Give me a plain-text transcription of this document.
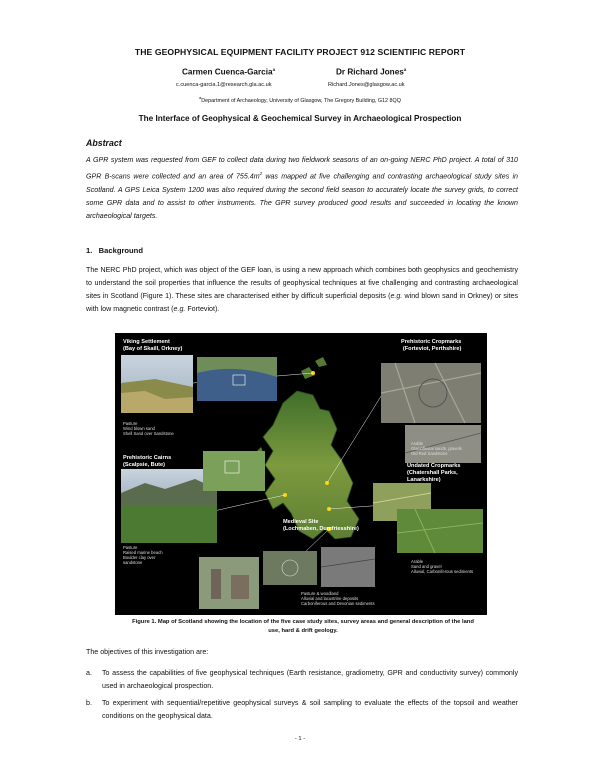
THE GEOPHYSICAL EQUIPMENT FACILITY PROJECT 912 SCIENTIFIC REPORT
Carmen Cuenca-Garcia$^a$
c.cuenca-garcia.1@research.gla.ac.uk
Dr Richard Jones$^a$
Richard.Jones@glasgow.ac.uk
$^a$Department of Archaeology, University of Glasgow, The Gregory Building, G12 8QQ
The Interface of Geophysical & Geochemical Survey in Archaeological Prospection
Abstract

A GPR system was requested from GEF to collect data during two fieldwork seasons of an on-going NERC PhD project. A total of 310 GPR B-scans were collected and an area of $755.4m^2$ was mapped at five challenging and contrasting archaeological study sites in Scotland. A GPS Leica System 1200 was also required during the second field season to accurately locate the survey grids, to correct some GPR data and to assist to other instruments. The GPR survey produced good results and succeeded in locating the known archaeological targets.

1.   Background

The NERC PhD project, which was object of the GEF loan, is using a new approach which combines both geophysics and geochemistry to understand the soil properties that influence the results of geophysical techniques at five challenging and contrasting archaeological sites in Scotland (Figure 1). These sites are characterised either by difficult superficial deposits (e.g. wind blown sand in Orkney) or sites with low magnetic contrast (e.g. Forteviot).

Viking Settlement
(Bay of Skaill, Orkney)
Pasture
Wind blown sand
Shell Sand over Sandstone
Prehistoric Cropmarks
(Forteviot, Perthshire)
Arable
Glaciofluvial sands, gravels
Old Red Sandstone
Prehistoric Cairns
(Scalpsie, Bute)
Pasture
Raised marine beach
Boulder clay over
sandstone
Undated Cropmarks
(Chatershall Parks,
Lanarkshire)
Arable
Sand and gravel
Alluvial, Carboniferous sediments
Medieval Site
(Lochmaben, Dumfriesshire)
Pasture & woodland
Alluvial and lacustrine deposits
Carboniferous and Devonian sediments
Figure 1. Map of Scotland showing the location of the five case study sites, survey areas and general description of the land use, hard & drift geology.
The objectives of this investigation are:
a. To assess the capabilities of five geophysical techniques (Earth resistance, gradiometry, GPR and conductivity survey) commonly used in archaeological prospection.
b. To experiment with sequential/repetitive geophysical surveys & soil sampling to evaluate the effects of the topsoil and weather conditions on the geophysical data.
- 1 -
